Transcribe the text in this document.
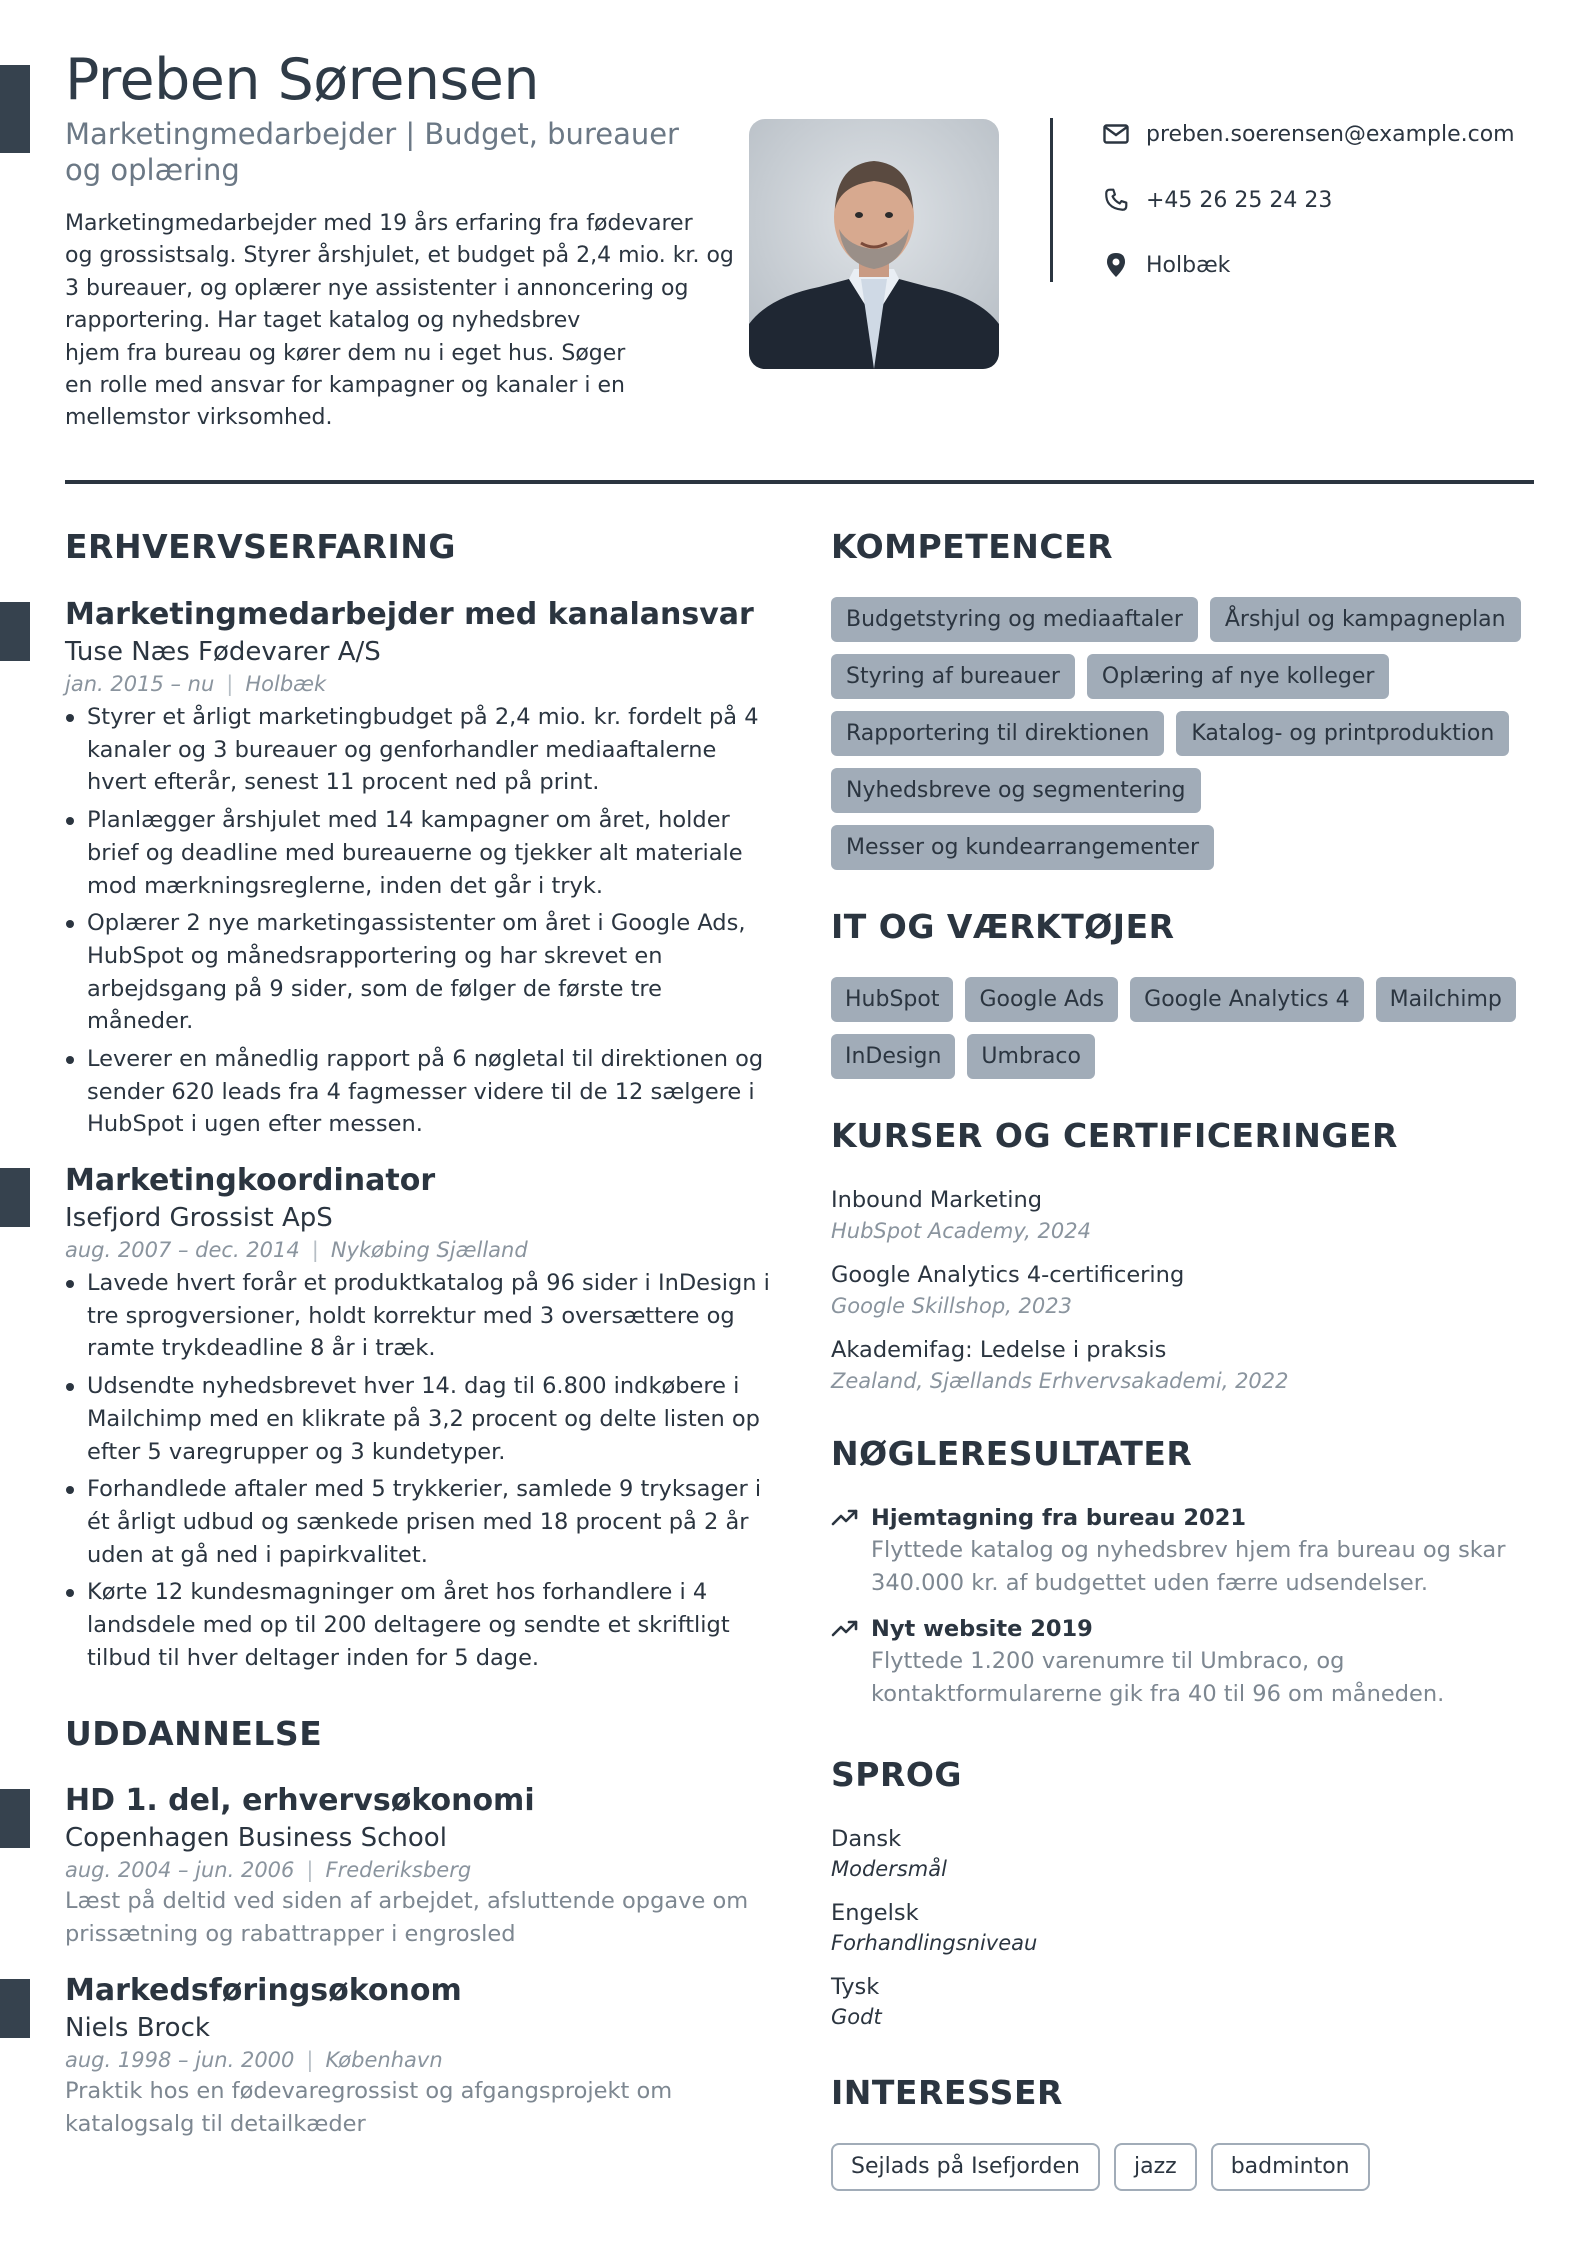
Preben Sørensen
Marketingmedarbejder | Budget, bureauer
og oplæring
Marketingmedarbejder med 19 års erfaring fra fødevarer
og grossistsalg. Styrer årshjulet, et budget på 2,4 mio. kr. og
3 bureauer, og oplærer nye assistenter i annoncering og
rapportering. Har taget katalog og nyhedsbrev
hjem fra bureau og kører dem nu i eget hus. Søger
en rolle med ansvar for kampagner og kanaler i en
mellemstor virksomhed.
preben.soerensen@example.com
+45 26 25 24 23
Holbæk
ERHVERVSERFARING
Marketingmedarbejder med kanalansvar
Tuse Næs Fødevarer A/S
jan. 2015 – nu | Holbæk
Styrer et årligt marketingbudget på 2,4 mio. kr. fordelt på 4
kanaler og 3 bureauer og genforhandler mediaaftalerne
hvert efterår, senest 11 procent ned på print.
Planlægger årshjulet med 14 kampagner om året, holder
brief og deadline med bureauerne og tjekker alt materiale
mod mærkningsreglerne, inden det går i tryk.
Oplærer 2 nye marketingassistenter om året i Google Ads,
HubSpot og månedsrapportering og har skrevet en
arbejdsgang på 9 sider, som de følger de første tre
måneder.
Leverer en månedlig rapport på 6 nøgletal til direktionen og
sender 620 leads fra 4 fagmesser videre til de 12 sælgere i
HubSpot i ugen efter messen.
Marketingkoordinator
Isefjord Grossist ApS
aug. 2007 – dec. 2014 | Nykøbing Sjælland
Lavede hvert forår et produktkatalog på 96 sider i InDesign i
tre sprogversioner, holdt korrektur med 3 oversættere og
ramte trykdeadline 8 år i træk.
Udsendte nyhedsbrevet hver 14. dag til 6.800 indkøbere i
Mailchimp med en klikrate på 3,2 procent og delte listen op
efter 5 varegrupper og 3 kundetyper.
Forhandlede aftaler med 5 trykkerier, samlede 9 tryksager i
ét årligt udbud og sænkede prisen med 18 procent på 2 år
uden at gå ned i papirkvalitet.
Kørte 12 kundesmagninger om året hos forhandlere i 4
landsdele med op til 200 deltagere og sendte et skriftligt
tilbud til hver deltager inden for 5 dage.
UDDANNELSE
HD 1. del, erhvervsøkonomi
Copenhagen Business School
aug. 2004 – jun. 2006 | Frederiksberg
Læst på deltid ved siden af arbejdet, afsluttende opgave om
prissætning og rabattrapper i engrosled
Markedsføringsøkonom
Niels Brock
aug. 1998 – jun. 2000 | København
Praktik hos en fødevaregrossist og afgangsprojekt om
katalogsalg til detailkæder
KOMPETENCER
Budgetstyring og mediaaftaler	Årshjul og kampagneplan
Styring af bureauer	Oplæring af nye kolleger
Rapportering til direktionen	Katalog- og printproduktion
Nyhedsbreve og segmentering
Messer og kundearrangementer
IT OG VÆRKTØJER
HubSpot	Google Ads	Google Analytics 4	Mailchimp
InDesign	Umbraco
KURSER OG CERTIFICERINGER
Inbound Marketing
HubSpot Academy, 2024
Google Analytics 4-certificering
Google Skillshop, 2023
Akademifag: Ledelse i praksis
Zealand, Sjællands Erhvervsakademi, 2022
NØGLERESULTATER
Hjemtagning fra bureau 2021
Flyttede katalog og nyhedsbrev hjem fra bureau og skar
340.000 kr. af budgettet uden færre udsendelser.
Nyt website 2019
Flyttede 1.200 varenumre til Umbraco, og
kontaktformularerne gik fra 40 til 96 om måneden.
SPROG
Dansk
Modersmål
Engelsk
Forhandlingsniveau
Tysk
Godt
INTERESSER
Sejlads på Isefjorden	jazz	badminton
